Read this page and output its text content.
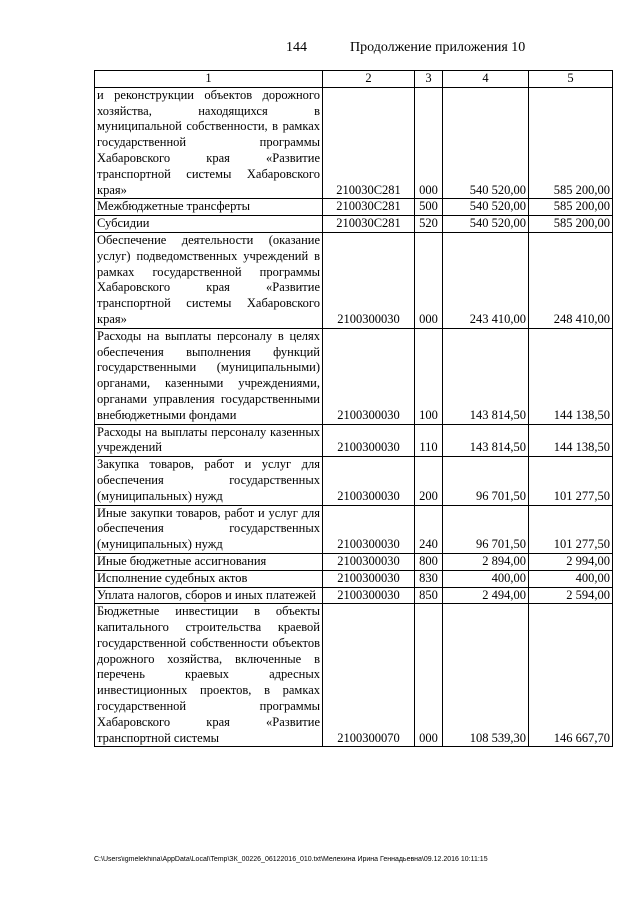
144	Продолжение приложения 10
1	2	3	4	5
и реконструкции объектов дорожного хозяйства, находящихся в муниципальной собственности, в рамках государственной программы Хабаровского края «Развитие транспортной системы Хабаровского края»	210030С281	000	540 520,00	585 200,00
Межбюджетные трансферты	210030С281	500	540 520,00	585 200,00
Субсидии	210030С281	520	540 520,00	585 200,00
Обеспечение деятельности (оказание услуг) подведомственных учреждений в рамках государственной программы Хабаровского края «Развитие транспортной системы Хабаровского края»	2100300030	000	243 410,00	248 410,00
Расходы на выплаты персоналу в целях обеспечения выполнения функций государственными (муниципальными) органами, казенными учреждениями, органами управления государственными внебюджетными фондами	2100300030	100	143 814,50	144 138,50
Расходы на выплаты персоналу казенных учреждений	2100300030	110	143 814,50	144 138,50
Закупка товаров, работ и услуг для обеспечения государственных (муниципальных) нужд	2100300030	200	96 701,50	101 277,50
Иные закупки товаров, работ и услуг для обеспечения государственных (муниципальных) нужд	2100300030	240	96 701,50	101 277,50
Иные бюджетные ассигнования	2100300030	800	2 894,00	2 994,00
Исполнение судебных актов	2100300030	830	400,00	400,00
Уплата налогов, сборов и иных платежей	2100300030	850	2 494,00	2 594,00
Бюджетные инвестиции в объекты капитального строительства краевой государственной собственности объектов дорожного хозяйства, включенные в перечень краевых адресных инвестиционных проектов, в рамках государственной программы Хабаровского края «Развитие транспортной системы	2100300070	000	108 539,30	146 667,70
C:\Users\igmelekhina\AppData\Local\Temp\ЗК_00226_06122016_010.txt\Мелехина Ирина Геннадьевна\09.12.2016 10:11:15
